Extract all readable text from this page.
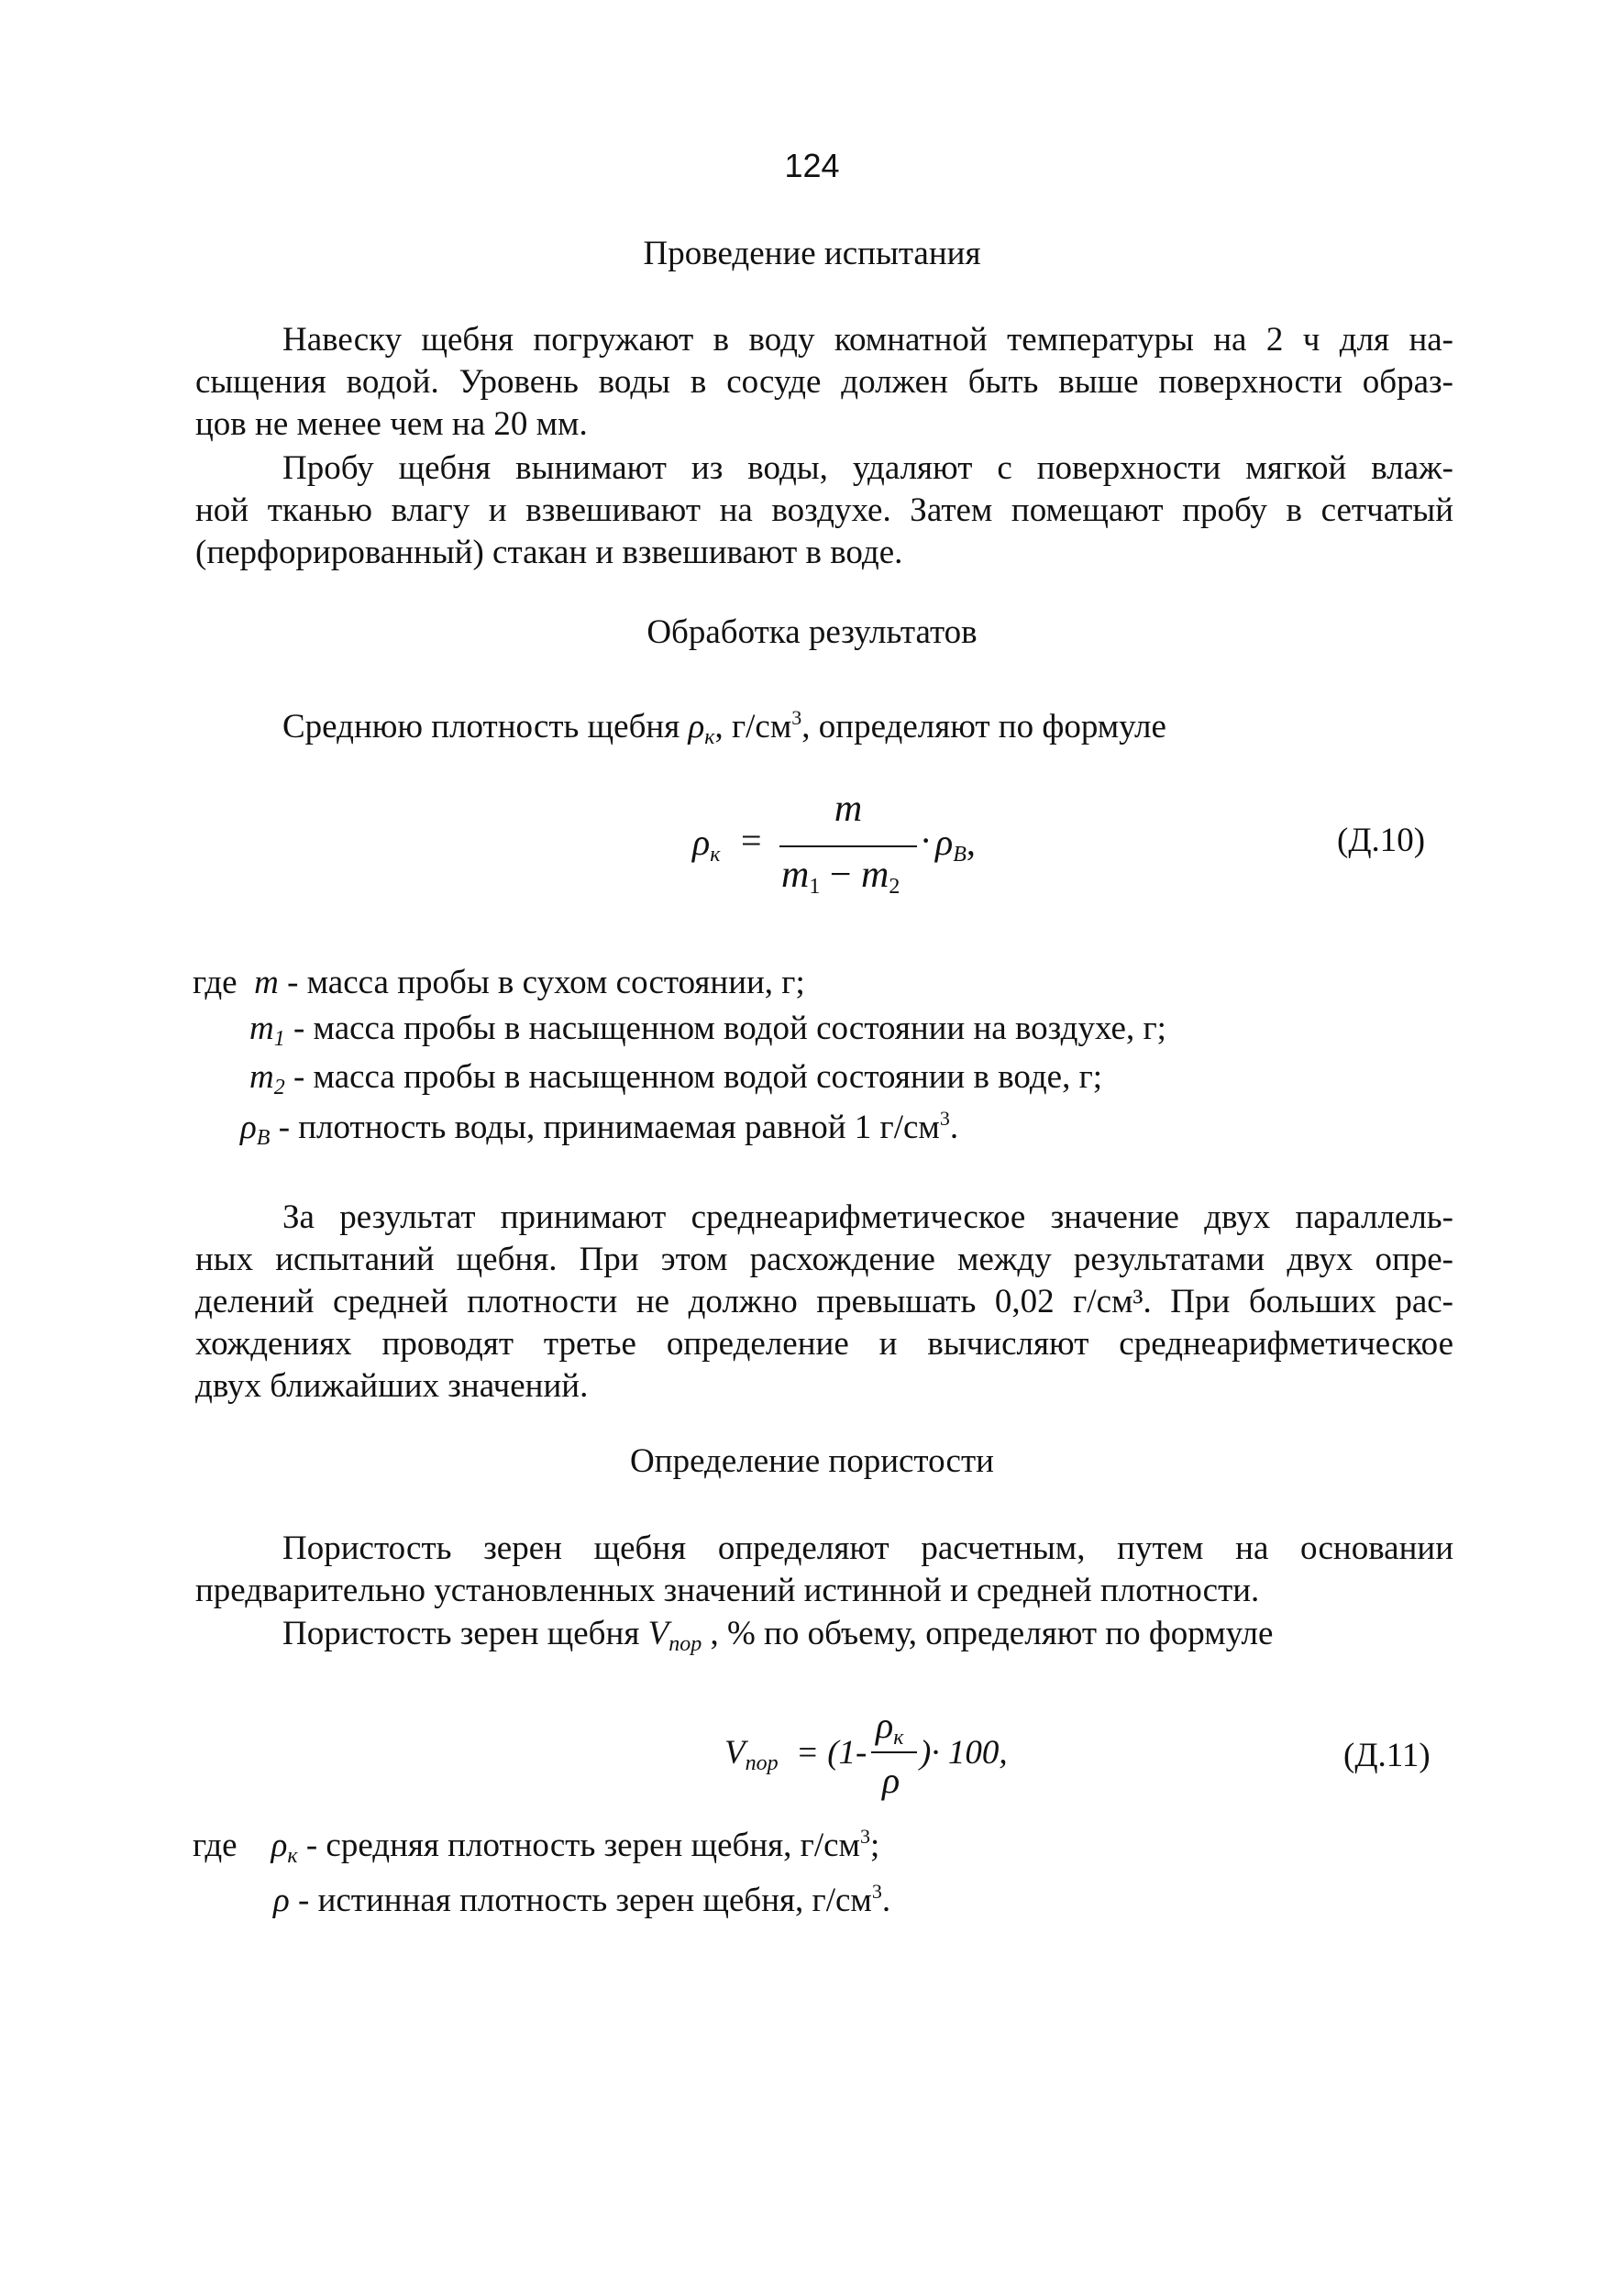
124
Проведение испытания
Навеску щебня погружают в воду комнатной температуры на 2 ч для на-
сыщения водой. Уровень воды в сосуде должен быть выше поверхности образ-
цов не менее чем на 20 мм.
Пробу щебня вынимают из воды, удаляют с поверхности мягкой влаж-
ной тканью влагу и взвешивают на воздухе. Затем помещают пробу в сетчатый
(перфорированный) стакан и взвешивают в воде.
Обработка результатов
Среднюю плотность щебня $\rho_к$, $г/см^3$, определяют по формуле
$\rho_к$ =
m
$m_1 - m_2$
· $\rho_B$,	(Д.10)
где m - масса пробы в сухом состоянии, г;
$m_1$ - масса пробы в насыщенном водой состоянии на воздухе, г;
$m_2$ - масса пробы в насыщенном водой состоянии в воде, г;
$\rho_B$ - плотность воды, принимаемая равной 1 $г/см^3$.
За результат принимают среднеарифметическое значение двух параллель-
ных испытаний щебня. При этом расхождение между результатами двух опре-
делений средней плотности не должно превышать 0,02 г/см³. При больших рас-
хождениях проводят третье определение и вычисляют среднеарифметическое
двух ближайших значений.
Определение пористости
Пористость зерен щебня определяют расчетным, путем на основании
предварительно установленных значений истинной и средней плотности.
Пористость зерен щебня $V_{пор}$ , % по объему, определяют по формуле
$V_{пор} = (1-$
$\rho_к$
ρ
)· 100,	(Д.11)
где $\rho_к$ - средняя плотность зерен щебня, $г/см^3$;
ρ - истинная плотность зерен щебня, $г/см^3$.
